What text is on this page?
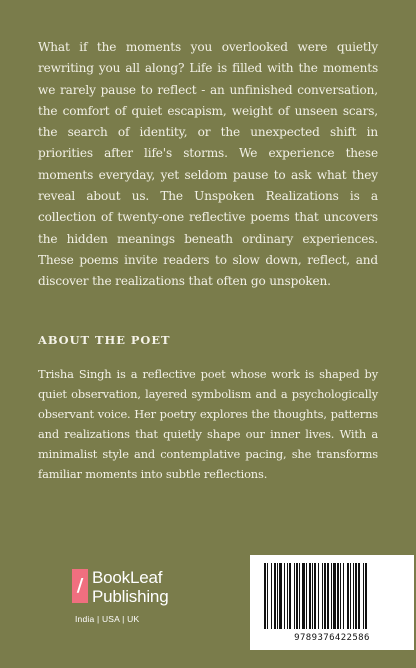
What if the moments you overlooked were quietly rewriting you all along? Life is filled with the moments we rarely pause to reflect - an unfinished conversation, the comfort of quiet escapism, weight of unseen scars, the search of identity, or the unexpected shift in priorities after life's storms. We experience these moments everyday, yet seldom pause to ask what they reveal about us. The Unspoken Realizations is a collection of twenty-one reflective poems that uncovers the hidden meanings beneath ordinary experiences. These poems invite readers to slow down, reflect, and discover the realizations that often go unspoken.
ABOUT THE POET
Trisha Singh is a reflective poet whose work is shaped by quiet observation, layered symbolism and a psychologically observant voice. Her poetry explores the thoughts, patterns and realizations that quietly shape our inner lives. With a minimalist style and contemplative pacing, she transforms familiar moments into subtle reflections.
/ BookLeaf
Publishing
India | USA | UK
9789376422586
